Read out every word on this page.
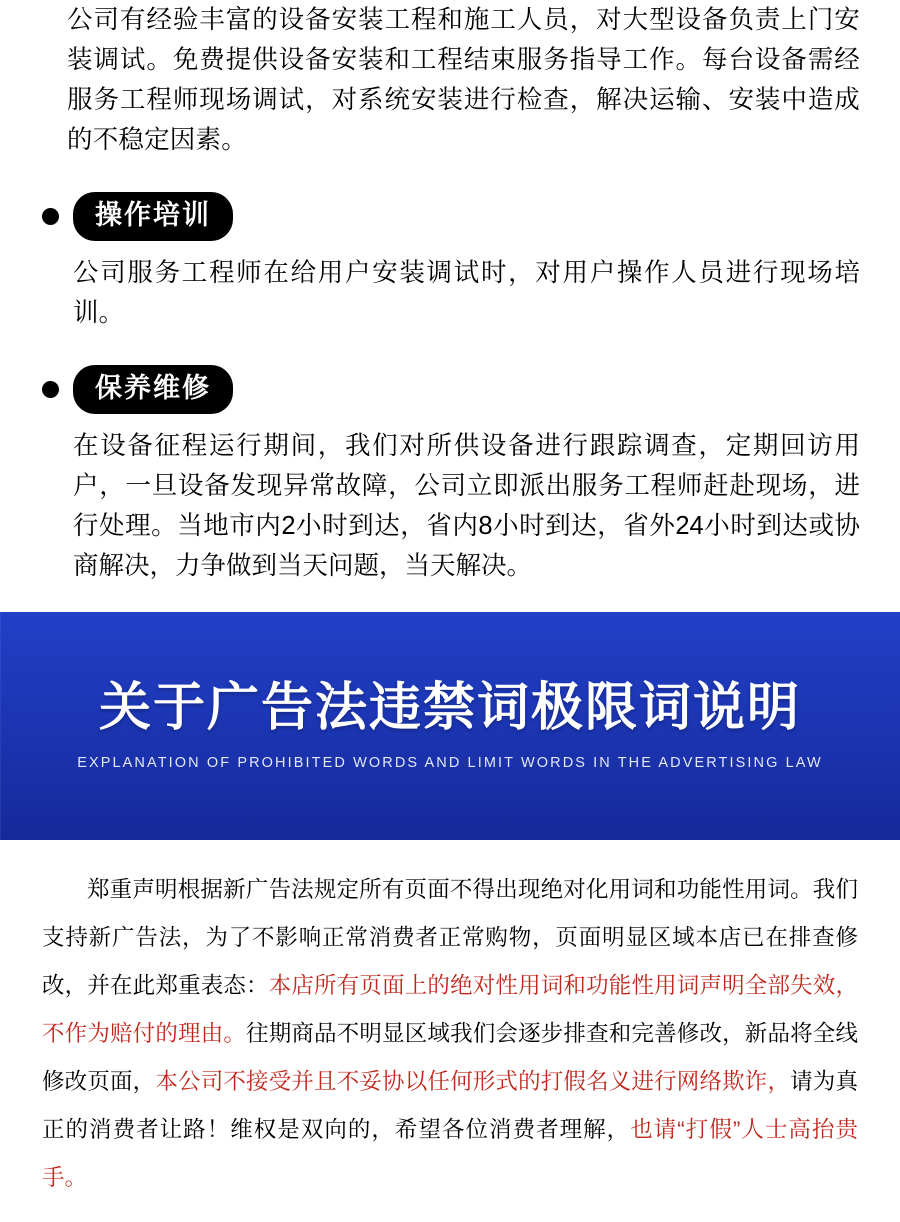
公司有经验丰富的设备安装工程和施工人员，对大型设备负责上门安装调试。免费提供设备安装和工程结束服务指导工作。每台设备需经服务工程师现场调试，对系统安装进行检查，解决运输、安装中造成的不稳定因素。

操作培训

公司服务工程师在给用户安装调试时，对用户操作人员进行现场培训。

保养维修

在设备征程运行期间，我们对所供设备进行跟踪调查，定期回访用户，一旦设备发现异常故障，公司立即派出服务工程师赶赴现场，进行处理。当地市内2小时到达，省内8小时到达，省外24小时到达或协商解决，力争做到当天问题，当天解决。

关于广告法违禁词极限词说明
EXPLANATION OF PROHIBITED WORDS AND LIMIT WORDS IN THE ADVERTISING LAW

郑重声明根据新广告法规定所有页面不得出现绝对化用词和功能性用词。我们支持新广告法，为了不影响正常消费者正常购物，页面明显区域本店已在排查修改，并在此郑重表态：本店所有页面上的绝对性用词和功能性用词声明全部失效，不作为赔付的理由。往期商品不明显区域我们会逐步排查和完善修改，新品将全线修改页面，本公司不接受并且不妥协以任何形式的打假名义进行网络欺诈，请为真正的消费者让路！维权是双向的，希望各位消费者理解，也请“打假”人士高抬贵手。
